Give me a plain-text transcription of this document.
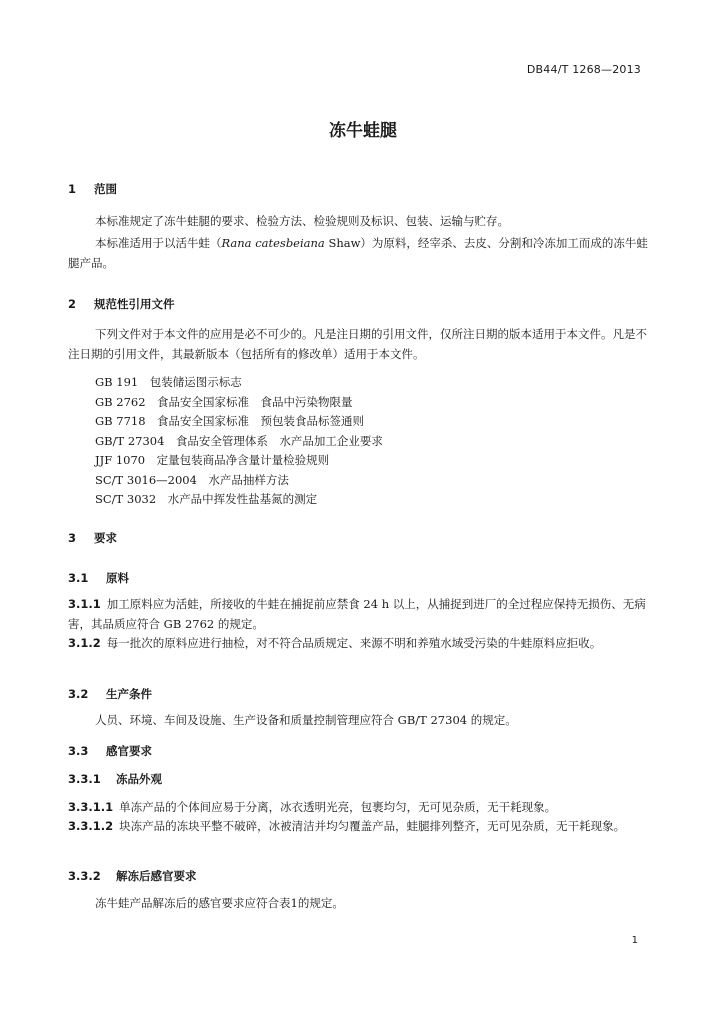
DB44/T 1268—2013
冻牛蛙腿
1 范围
本标准规定了冻牛蛙腿的要求、检验方法、检验规则及标识、包装、运输与贮存。
本标准适用于以活牛蛙（Rana catesbeiana Shaw）为原料，经宰杀、去皮、分割和冷冻加工而成的冻牛蛙腿产品。
2 规范性引用文件
下列文件对于本文件的应用是必不可少的。凡是注日期的引用文件，仅所注日期的版本适用于本文件。凡是不注日期的引用文件，其最新版本（包括所有的修改单）适用于本文件。
GB 191　包装储运图示标志
GB 2762　食品安全国家标准　食品中污染物限量
GB 7718　食品安全国家标准　预包装食品标签通则
GB/T 27304　食品安全管理体系　水产品加工企业要求
JJF 1070　定量包装商品净含量计量检验规则
SC/T 3016—2004　水产品抽样方法
SC/T 3032　水产品中挥发性盐基氮的测定
3 要求
3.1 原料
3.1.1 加工原料应为活蛙，所接收的牛蛙在捕捉前应禁食 24 h 以上，从捕捉到进厂的全过程应保持无损伤、无病害，其品质应符合 GB 2762 的规定。
3.1.2 每一批次的原料应进行抽检，对不符合品质规定、来源不明和养殖水域受污染的牛蛙原料应拒收。
3.2 生产条件
人员、环境、车间及设施、生产设备和质量控制管理应符合 GB/T 27304 的规定。
3.3 感官要求
3.3.1 冻品外观
3.3.1.1 单冻产品的个体间应易于分离，冰衣透明光亮，包裹均匀，无可见杂质，无干耗现象。
3.3.1.2 块冻产品的冻块平整不破碎，冰被清洁并均匀覆盖产品，蛙腿排列整齐，无可见杂质，无干耗现象。
3.3.2 解冻后感官要求
冻牛蛙产品解冻后的感官要求应符合表1的规定。
1
